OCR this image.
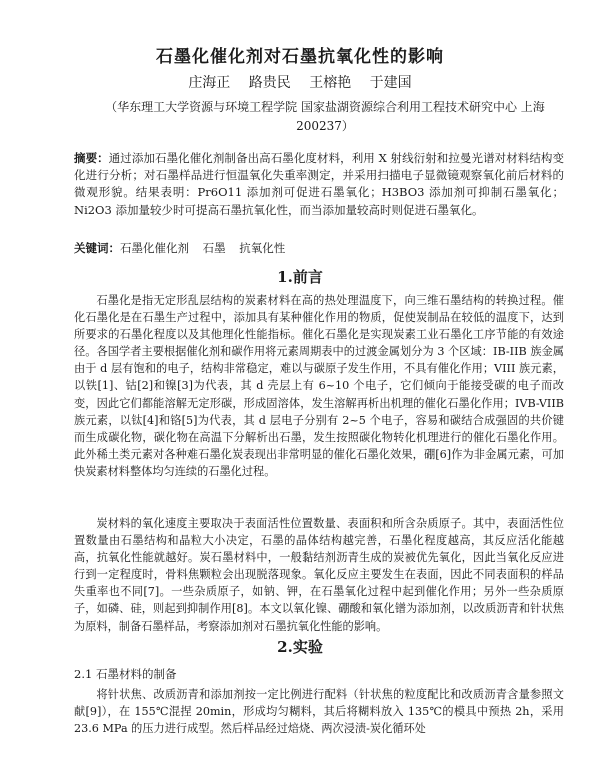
石墨化催化剂对石墨抗氧化性的影响
庄海正 路贵民 王榕艳 于建国
（华东理工大学资源与环境工程学院 国家盐湖资源综合利用工程技术研究中心 上海 200237）
摘要：通过添加石墨化催化剂制备出高石墨化度材料，利用 X 射线衍射和拉曼光谱对材料结构变化进行分析；对石墨样品进行恒温氧化失重率测定，并采用扫描电子显微镜观察氧化前后材料的微观形貌。结果表明：Pr6O11 添加剂可促进石墨氧化；H3BO3 添加剂可抑制石墨氧化；Ni2O3 添加量较少时可提高石墨抗氧化性，而当添加量较高时则促进石墨氧化。
关键词：石墨化催化剂 石墨 抗氧化性
1.前言

石墨化是指无定形乱层结构的炭素材料在高的热处理温度下，向三维石墨结构的转换过程。催化石墨化是在石墨生产过程中，添加具有某种催化作用的物质，促使炭制品在较低的温度下，达到所要求的石墨化程度以及其他理化性能指标。催化石墨化是实现炭素工业石墨化工序节能的有效途径。各国学者主要根据催化剂和碳作用将元素周期表中的过渡金属划分为 3 个区域：IB-IIB 族金属由于 d 层有饱和的电子，结构非常稳定，难以与碳原子发生作用，不具有催化作用；VIII 族元素，以铁[1]、钴[2]和镍[3]为代表，其 d 壳层上有 6~10 个电子，它们倾向于能接受碳的电子而改变，因此它们都能溶解无定形碳，形成固溶体，发生溶解再析出机理的催化石墨化作用；IVB-VIIB 族元素，以钛[4]和铬[5]为代表，其 d 层电子分别有 2~5 个电子，容易和碳结合成强固的共价键而生成碳化物，碳化物在高温下分解析出石墨，发生按照碳化物转化机理进行的催化石墨化作用。此外稀土类元素对各种难石墨化炭表现出非常明显的催化石墨化效果，硼[6]作为非金属元素，可加快炭素材料整体均匀连续的石墨化过程。

炭材料的氧化速度主要取决于表面活性位置数量、表面积和所含杂质原子。其中，表面活性位置数量由石墨结构和晶粒大小决定，石墨的晶体结构越完善，石墨化程度越高，其反应活化能越高，抗氧化性能就越好。炭石墨材料中，一般黏结剂沥青生成的炭被优先氧化，因此当氧化反应进行到一定程度时，骨料焦颗粒会出现脱落现象。氧化反应主要发生在表面，因此不同表面积的样品失重率也不同[7]。一些杂质原子，如钠、钾，在石墨氧化过程中起到催化作用；另外一些杂质原子，如磷、硅，则起到抑制作用[8]。本文以氧化镍、硼酸和氧化镨为添加剂，以改质沥青和针状焦为原料，制备石墨样品，考察添加剂对石墨抗氧化性能的影响。

2.实验
2.1 石墨材料的制备

将针状焦、改质沥青和添加剂按一定比例进行配料（针状焦的粒度配比和改质沥青含量参照文献[9]），在 155℃混捏 20min，形成均匀糊料，其后将糊料放入 135℃的模具中预热 2h，采用 23.6 MPa 的压力进行成型。然后样品经过焙烧、两次浸渍-炭化循环处
